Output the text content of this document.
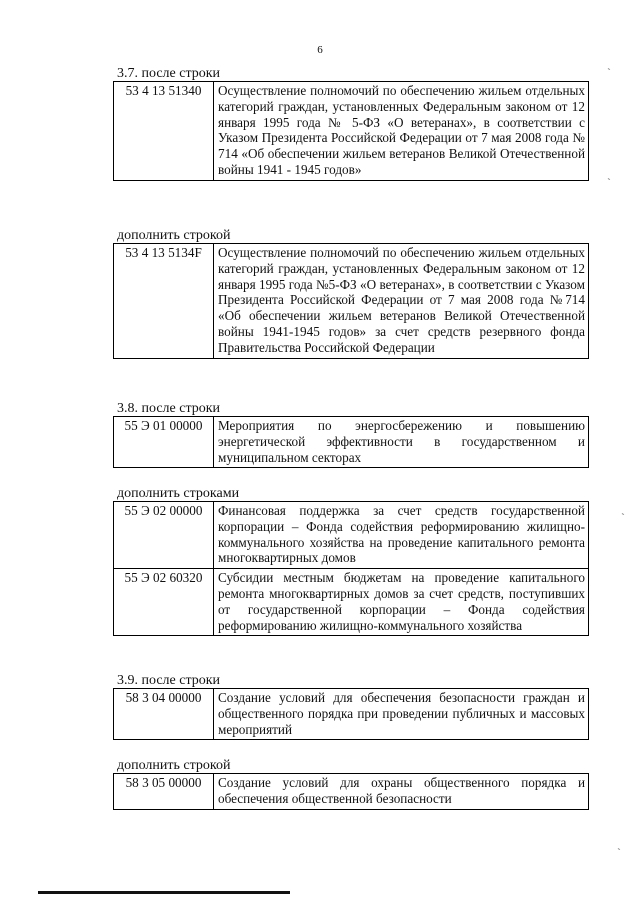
6
3.7. после строки
53 4 13 51340	Осуществление полномочий по обеспечению жильем отдельных категорий граждан, установленных Федеральным законом от 12 января 1995 года № 5-ФЗ «О ветеранах», в соответствии с Указом Президента Российской Федерации от 7 мая 2008 года № 714 «Об обеспечении жильем ветеранов Великой Отечественной войны 1941 - 1945 годов»
дополнить строкой
53 4 13 5134F	Осуществление полномочий по обеспечению жильем отдельных категорий граждан, установленных Федеральным законом от 12 января 1995 года №5-ФЗ «О ветеранах», в соответствии с Указом Президента Российской Федерации от 7 мая 2008 года №714 «Об обеспечении жильем ветеранов Великой Отечественной войны 1941-1945 годов» за счет средств резервного фонда Правительства Российской Федерации
3.8. после строки
55 Э 01 00000	Мероприятия по энергосбережению и повышению энергетической эффективности в государственном и муниципальном секторах
дополнить строками
55 Э 02 00000	Финансовая поддержка за счет средств государственной корпорации – Фонда содействия реформированию жилищно-коммунального хозяйства на проведение капитального ремонта многоквартирных домов
55 Э 02 60320	Субсидии местным бюджетам на проведение капитального ремонта многоквартирных домов за счет средств, поступивших от государственной корпорации – Фонда содействия реформированию жилищно-коммунального хозяйства
3.9. после строки
58 3 04 00000	Создание условий для обеспечения безопасности граждан и общественного порядка при проведении публичных и массовых мероприятий
дополнить строкой
58 3 05 00000	Создание условий для охраны общественного порядка и обеспечения общественной безопасности
ˎ
ˎ
ˎ
ˎ
